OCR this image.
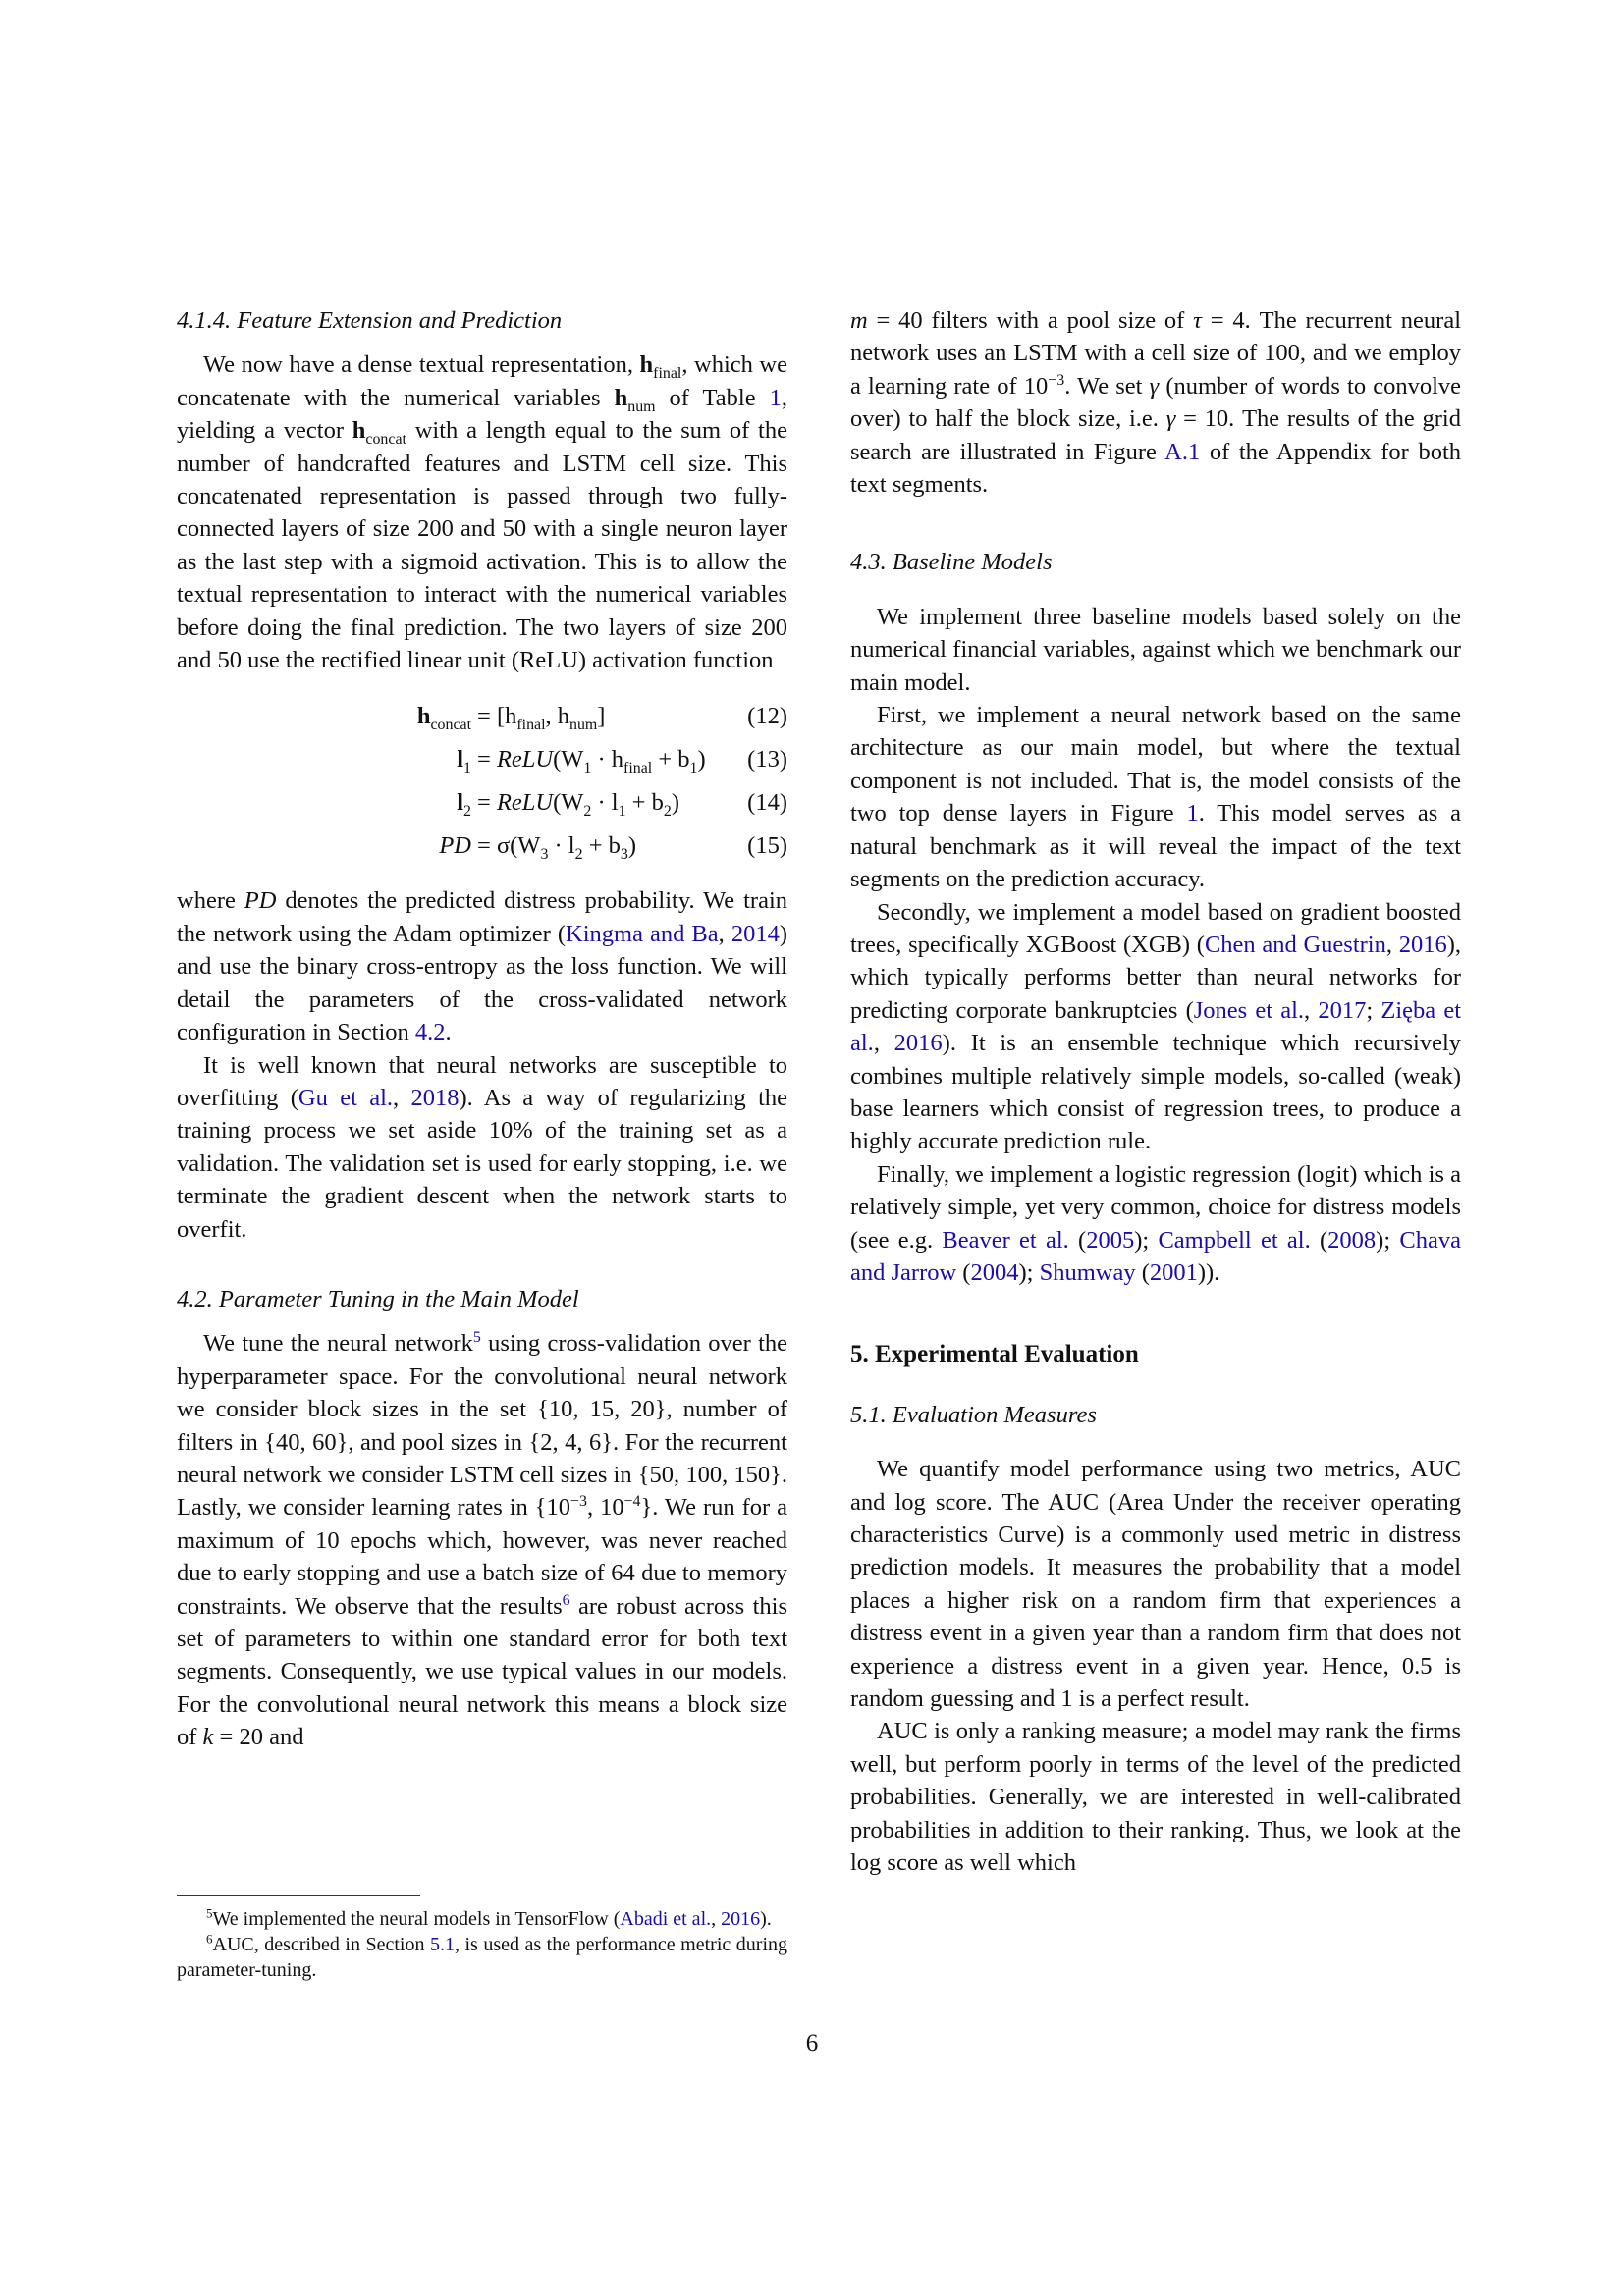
4.1.4. Feature Extension and Prediction

We now have a dense textual representation, $h_{final}$, which we concatenate with the numerical variables $h_{num}$ of Table 1, yielding a vector $h_{concat}$ with a length equal to the sum of the number of handcrafted features and LSTM cell size. This concatenated representation is passed through two fully-connected layers of size 200 and 50 with a single neuron layer as the last step with a sigmoid activation. This is to allow the textual representation to interact with the numerical variables before doing the final prediction. The two layers of size 200 and 50 use the rectified linear unit (ReLU) activation function

$h_{concat} = [h_{final}$, $h_{num}$]	(12)
$l_1$ = $ReLU(W_1 \cdot h_{final} + b_1)$ (13)
$l_2$ = $ReLU(W_2 \cdot l_1 + b_2)$	(14)
PD = $\sigma(W_3 \cdot l_2 + b_3)$	(15)

where PD denotes the predicted distress probability. We train the network using the Adam optimizer (Kingma and Ba, 2014) and use the binary cross-entropy as the loss function. We will detail the parameters of the cross-validated network configuration in Section 4.2.

It is well known that neural networks are susceptible to overfitting (Gu et al., 2018). As a way of regularizing the training process we set aside 10% of the training set as a validation. The validation set is used for early stopping, i.e. we terminate the gradient descent when the network starts to overfit.

4.2. Parameter Tuning in the Main Model

We tune the neural network$^5$ using cross-validation over the hyperparameter space. For the convolutional neural network we consider block sizes in the set {10, 15, 20}, number of filters in {40, 60}, and pool sizes in {2, 4, 6}. For the recurrent neural network we consider LSTM cell sizes in {50, 100, 150}. Lastly, we consider learning rates in {$10^{-3}$, $10^{-4}$}. We run for a maximum of 10 epochs which, however, was never reached due to early stopping and use a batch size of 64 due to memory constraints. We observe that the results$^6$ are robust across this set of parameters to within one standard error for both text segments. Consequently, we use typical values in our models. For the convolutional neural network this means a block size of k = 20 and

m = 40 filters with a pool size of τ = 4. The recurrent neural network uses an LSTM with a cell size of 100, and we employ a learning rate of $10^{-3}$. We set γ (number of words to convolve over) to half the block size, i.e. γ = 10. The results of the grid search are illustrated in Figure A.1 of the Appendix for both text segments.

4.3. Baseline Models

We implement three baseline models based solely on the numerical financial variables, against which we benchmark our main model.

First, we implement a neural network based on the same architecture as our main model, but where the textual component is not included. That is, the model consists of the two top dense layers in Figure 1. This model serves as a natural benchmark as it will reveal the impact of the text segments on the prediction accuracy.

Secondly, we implement a model based on gradient boosted trees, specifically XGBoost (XGB) (Chen and Guestrin, 2016), which typically performs better than neural networks for predicting corporate bankruptcies (Jones et al., 2017; Zięba et al., 2016). It is an ensemble technique which recursively combines multiple relatively simple models, so-called (weak) base learners which consist of regression trees, to produce a highly accurate prediction rule.

Finally, we implement a logistic regression (logit) which is a relatively simple, yet very common, choice for distress models (see e.g. Beaver et al. (2005); Campbell et al. (2008); Chava and Jarrow (2004); Shumway (2001)).

5. Experimental Evaluation
5.1. Evaluation Measures

We quantify model performance using two metrics, AUC and log score. The AUC (Area Under the receiver operating characteristics Curve) is a commonly used metric in distress prediction models. It measures the probability that a model places a higher risk on a random firm that experiences a distress event in a given year than a random firm that does not experience a distress event in a given year. Hence, 0.5 is random guessing and 1 is a perfect result.

AUC is only a ranking measure; a model may rank the firms well, but perform poorly in terms of the level of the predicted probabilities. Generally, we are interested in well-calibrated probabilities in addition to their ranking. Thus, we look at the log score as well which

$^5$We implemented the neural models in TensorFlow (Abadi et al., 2016).

$^6$AUC, described in Section 5.1, is used as the performance metric during parameter-tuning.

6
